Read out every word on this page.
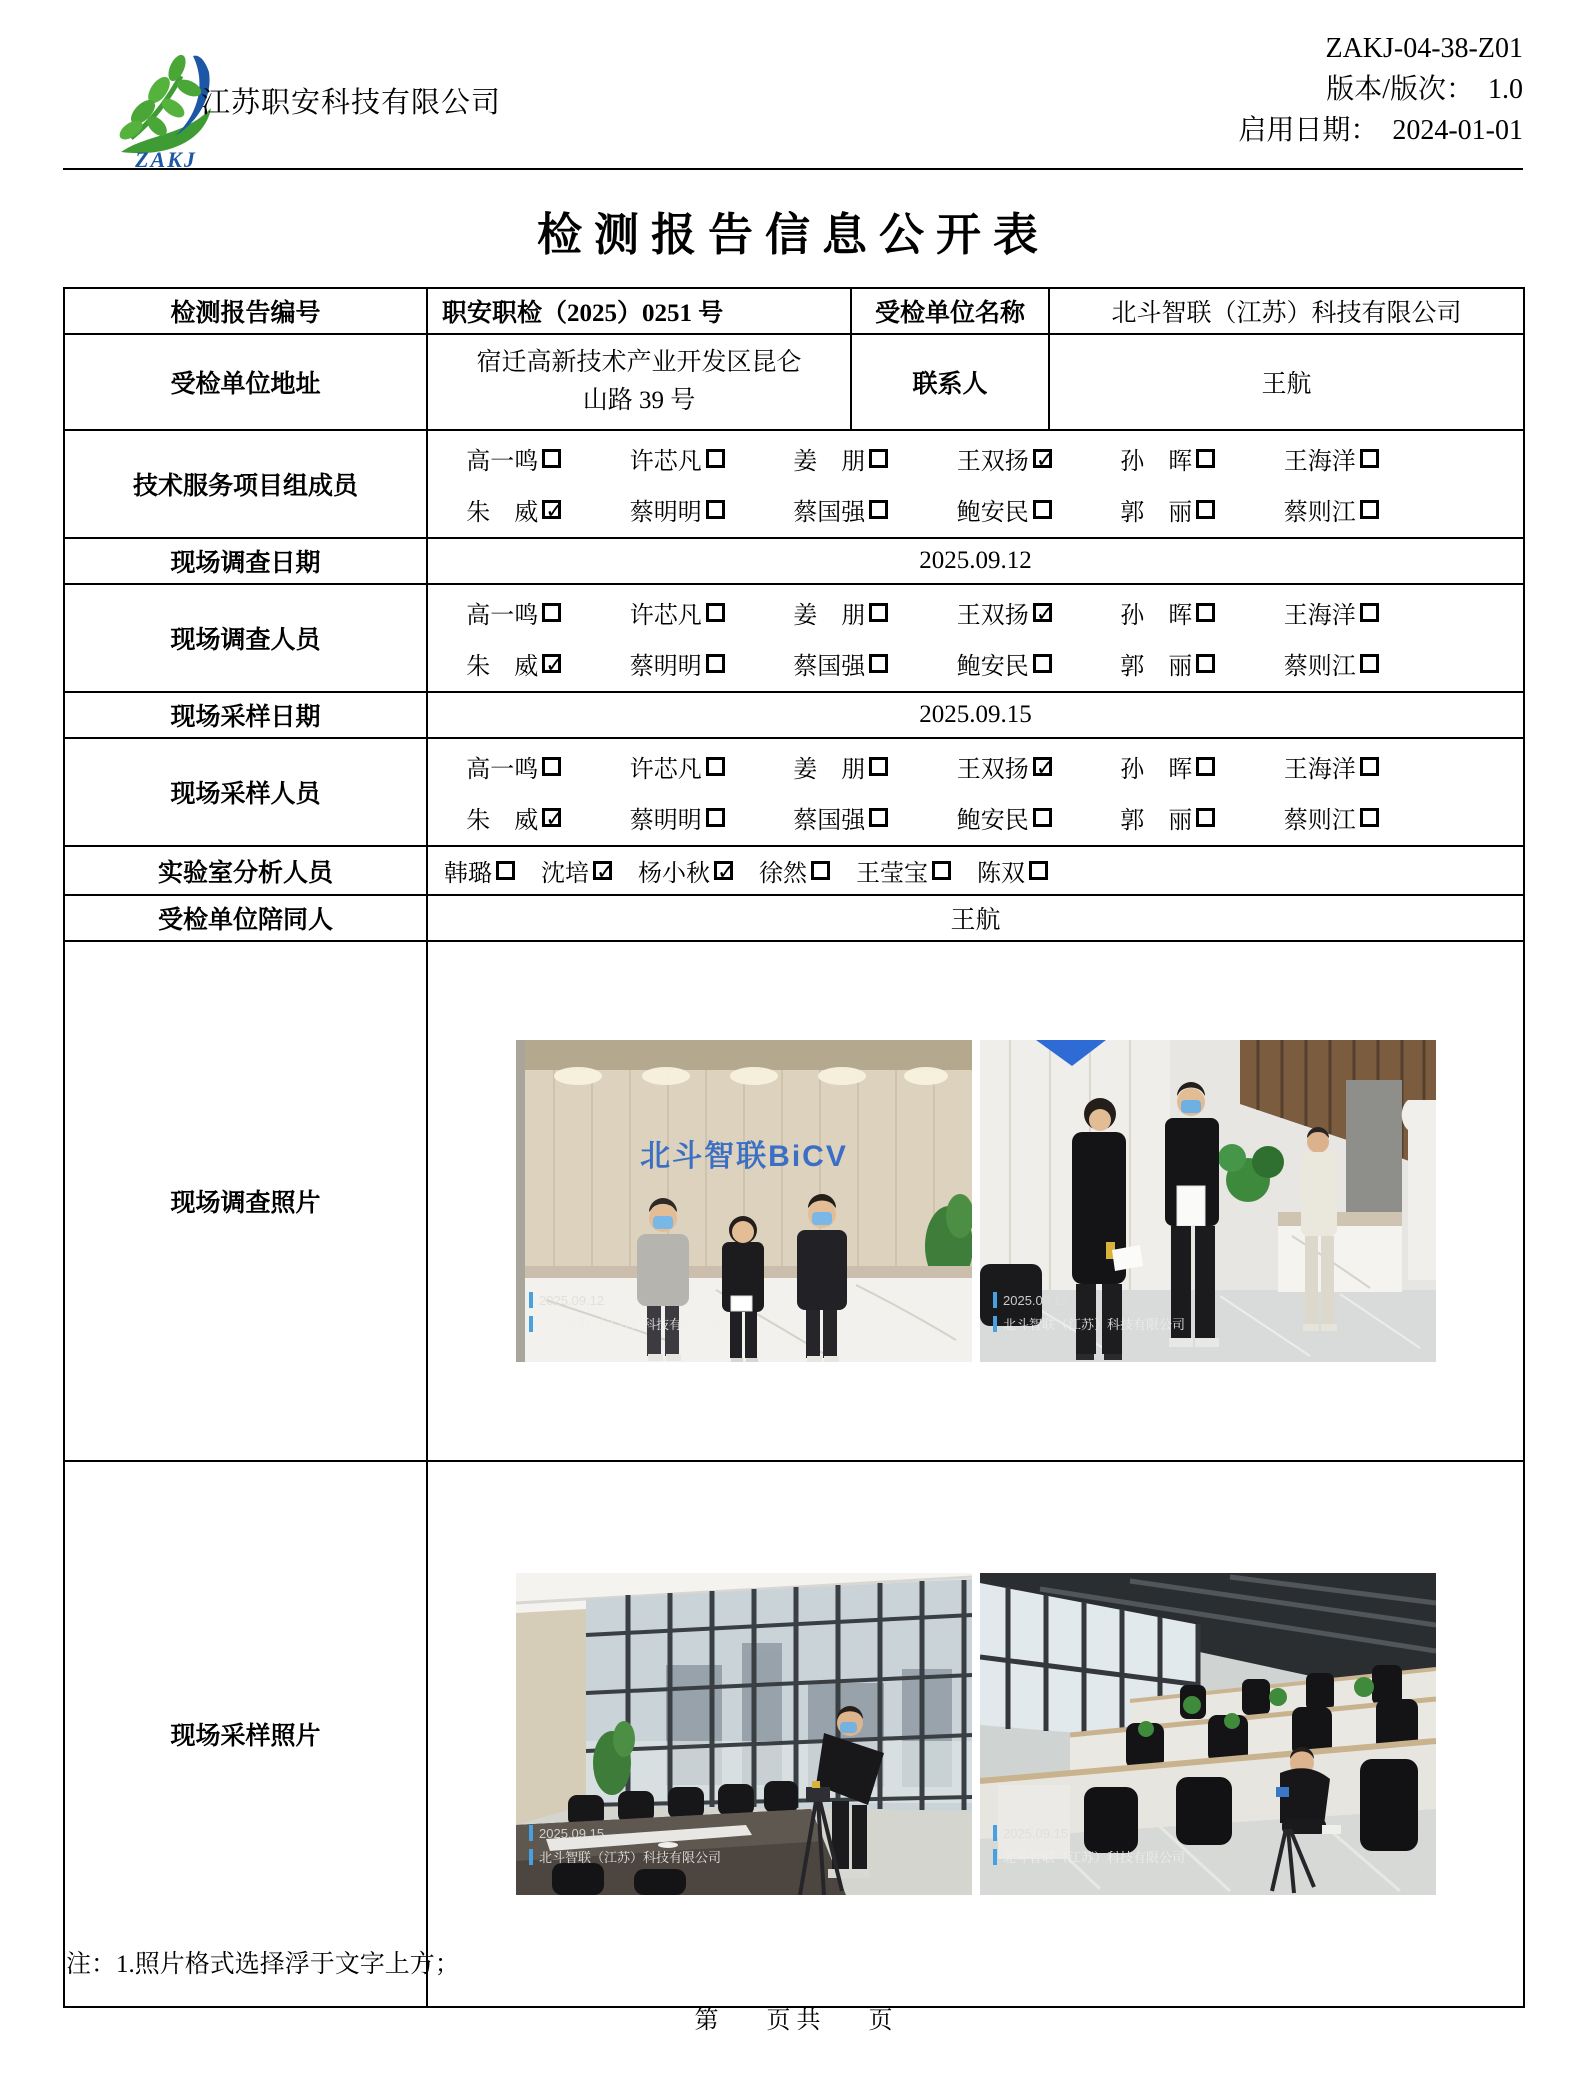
ZAKJ
江苏职安科技有限公司
ZAKJ-04-38-Z01
版本/版次：　1.0
启用日期：　2024-01-01
检测报告信息公开表
检测报告编号	职安职检（2025）0251 号	受检单位名称	北斗智联（江苏）科技有限公司
受检单位地址	宿迁高新技术产业开发区昆仑
山路 39 号	联系人	王航
技术服务项目组成员	
高一鸣	许芯凡	姜　朋	王双扬 ✓	孙　晖	王海洋
朱　威 ✓	蔡明明	蔡国强	鲍安民	郭　丽	蔡则江

现场调查日期	2025.09.12		
现场调查人员	
高一鸣	许芯凡	姜　朋	王双扬 ✓	孙　晖	王海洋
朱　威 ✓	蔡明明	蔡国强	鲍安民	郭　丽	蔡则江

现场采样日期	2025.09.15		
现场采样人员	
高一鸣	许芯凡	姜　朋	王双扬 ✓	孙　晖	王海洋
朱　威 ✓	蔡明明	蔡国强	鲍安民	郭　丽	蔡则江

实验室分析人员	韩璐 沈培 ✓ 杨小秋 ✓ 徐然 王莹宝 陈双

受检单位陪同人	王航		
现场调查照片	北斗智联BiCV
2025.09.12
北斗智联（江苏）科技有限公司
2025.09.12
北斗智联（江苏）科技有限公司		

现场采样照片	2025.09.15
北斗智联（江苏）科技有限公司
2025.09.15
北斗智联（江苏）科技有限公司		
注：1.照片格式选择浮于文字上方；
第　　页 共　　页
